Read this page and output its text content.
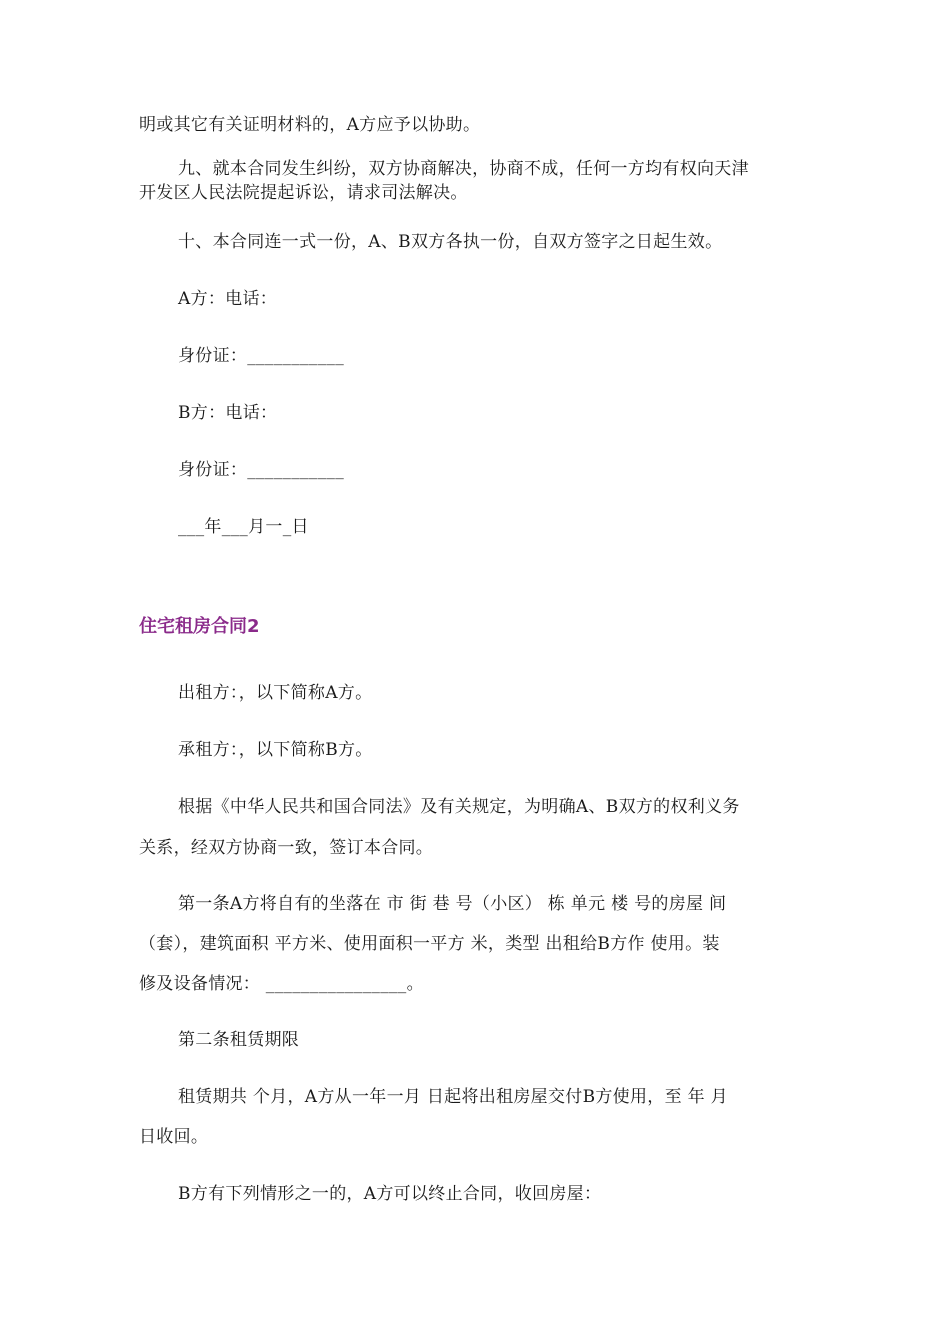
明或其它有关证明材料的，A方应予以协助。
九、就本合同发生纠纷，双方协商解决，协商不成，任何一方均有权向天津
开发区人民法院提起诉讼，请求司法解决。
十、本合同连一式一份，A、B双方各执一份，自双方签字之日起生效。
A方：电话：
身份证：___________
B方：电话：
身份证：___________
___年___月一_日
住宅租房合同2
出租方：，以下简称A方。
承租方：，以下简称B方。
根据《中华人民共和国合同法》及有关规定，为明确A、B双方的权利义务
关系，经双方协商一致，签订本合同。
第一条A方将自有的坐落在 市 街 巷 号（小区） 栋 单元 楼 号的房屋 间
（套），建筑面积 平方米、使用面积一平方 米，类型 出租给B方作 使用。装
修及设备情况： ________________。
第二条租赁期限
租赁期共 个月，A方从一年一月 日起将出租房屋交付B方使用，至 年 月
日收回。
B方有下列情形之一的，A方可以终止合同，收回房屋：
